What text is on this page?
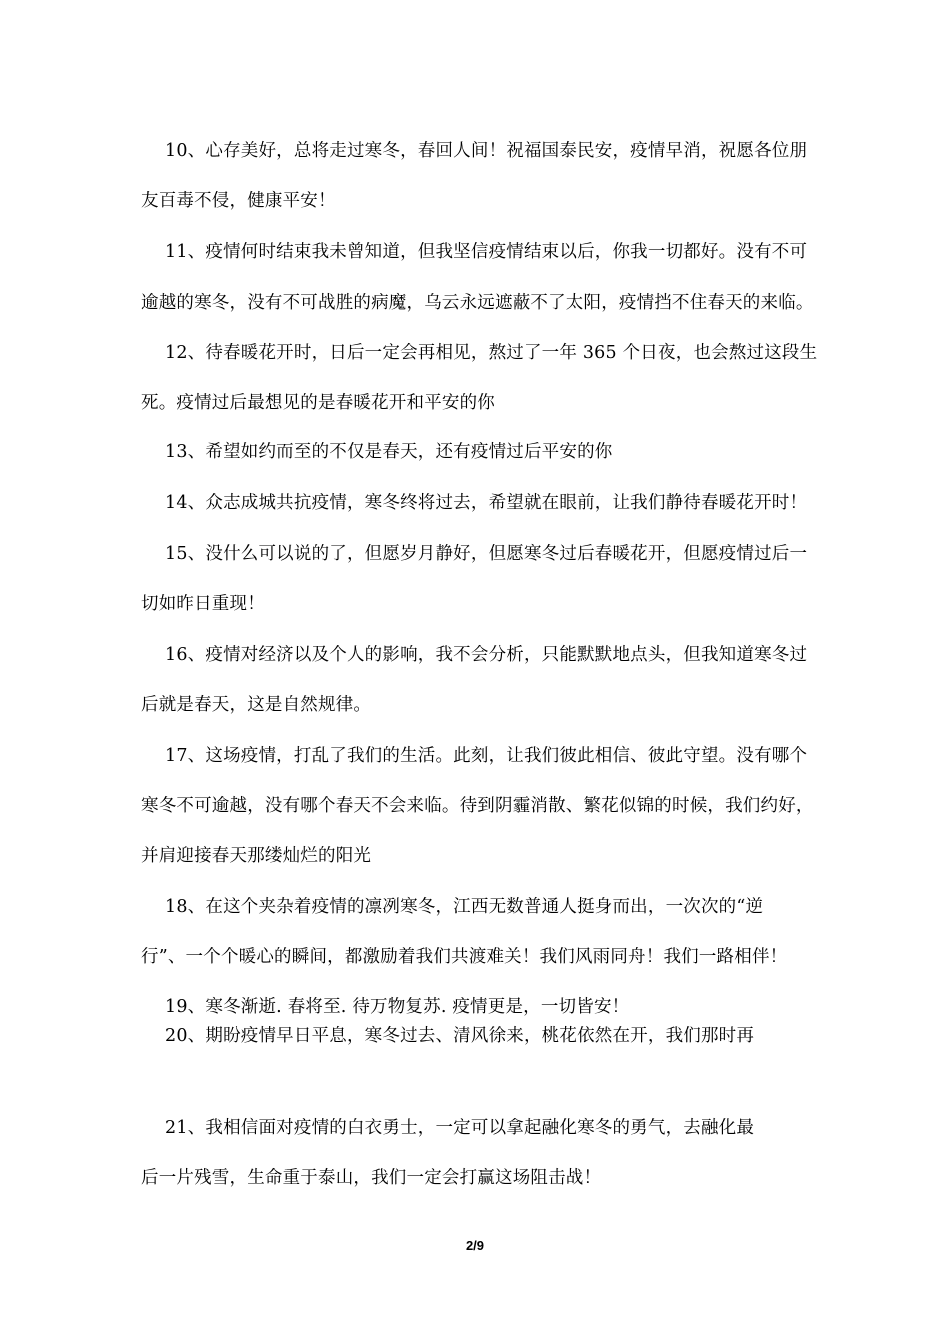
10、心存美好，总将走过寒冬，春回人间！祝福国泰民安，疫情早消，祝愿各位朋
友百毒不侵，健康平安！
11、疫情何时结束我未曾知道，但我坚信疫情结束以后，你我一切都好。没有不可
逾越的寒冬，没有不可战胜的病魔，乌云永远遮蔽不了太阳，疫情挡不住春天的来临。
12、待春暖花开时，日后一定会再相见，熬过了一年 365 个日夜，也会熬过这段生
死。疫情过后最想见的是春暖花开和平安的你
13、希望如约而至的不仅是春天，还有疫情过后平安的你
14、众志成城共抗疫情，寒冬终将过去，希望就在眼前，让我们静待春暖花开时！
15、没什么可以说的了，但愿岁月静好，但愿寒冬过后春暖花开，但愿疫情过后一
切如昨日重现！
16、疫情对经济以及个人的影响，我不会分析，只能默默地点头，但我知道寒冬过
后就是春天，这是自然规律。
17、这场疫情，打乱了我们的生活。此刻，让我们彼此相信、彼此守望。没有哪个
寒冬不可逾越，没有哪个春天不会来临。待到阴霾消散、繁花似锦的时候，我们约好，
并肩迎接春天那缕灿烂的阳光
18、在这个夹杂着疫情的凛冽寒冬，江西无数普通人挺身而出，一次次的“逆
行”、一个个暖心的瞬间，都激励着我们共渡难关！我们风雨同舟！我们一路相伴！
19、寒冬渐逝. 春将至. 待万物复苏. 疫情更是，一切皆安！
20、期盼疫情早日平息，寒冬过去、清风徐来，桃花依然在开，我们那时再
21、我相信面对疫情的白衣勇士，一定可以拿起融化寒冬的勇气，去融化最
后一片残雪，生命重于泰山，我们一定会打赢这场阻击战！
2/9
